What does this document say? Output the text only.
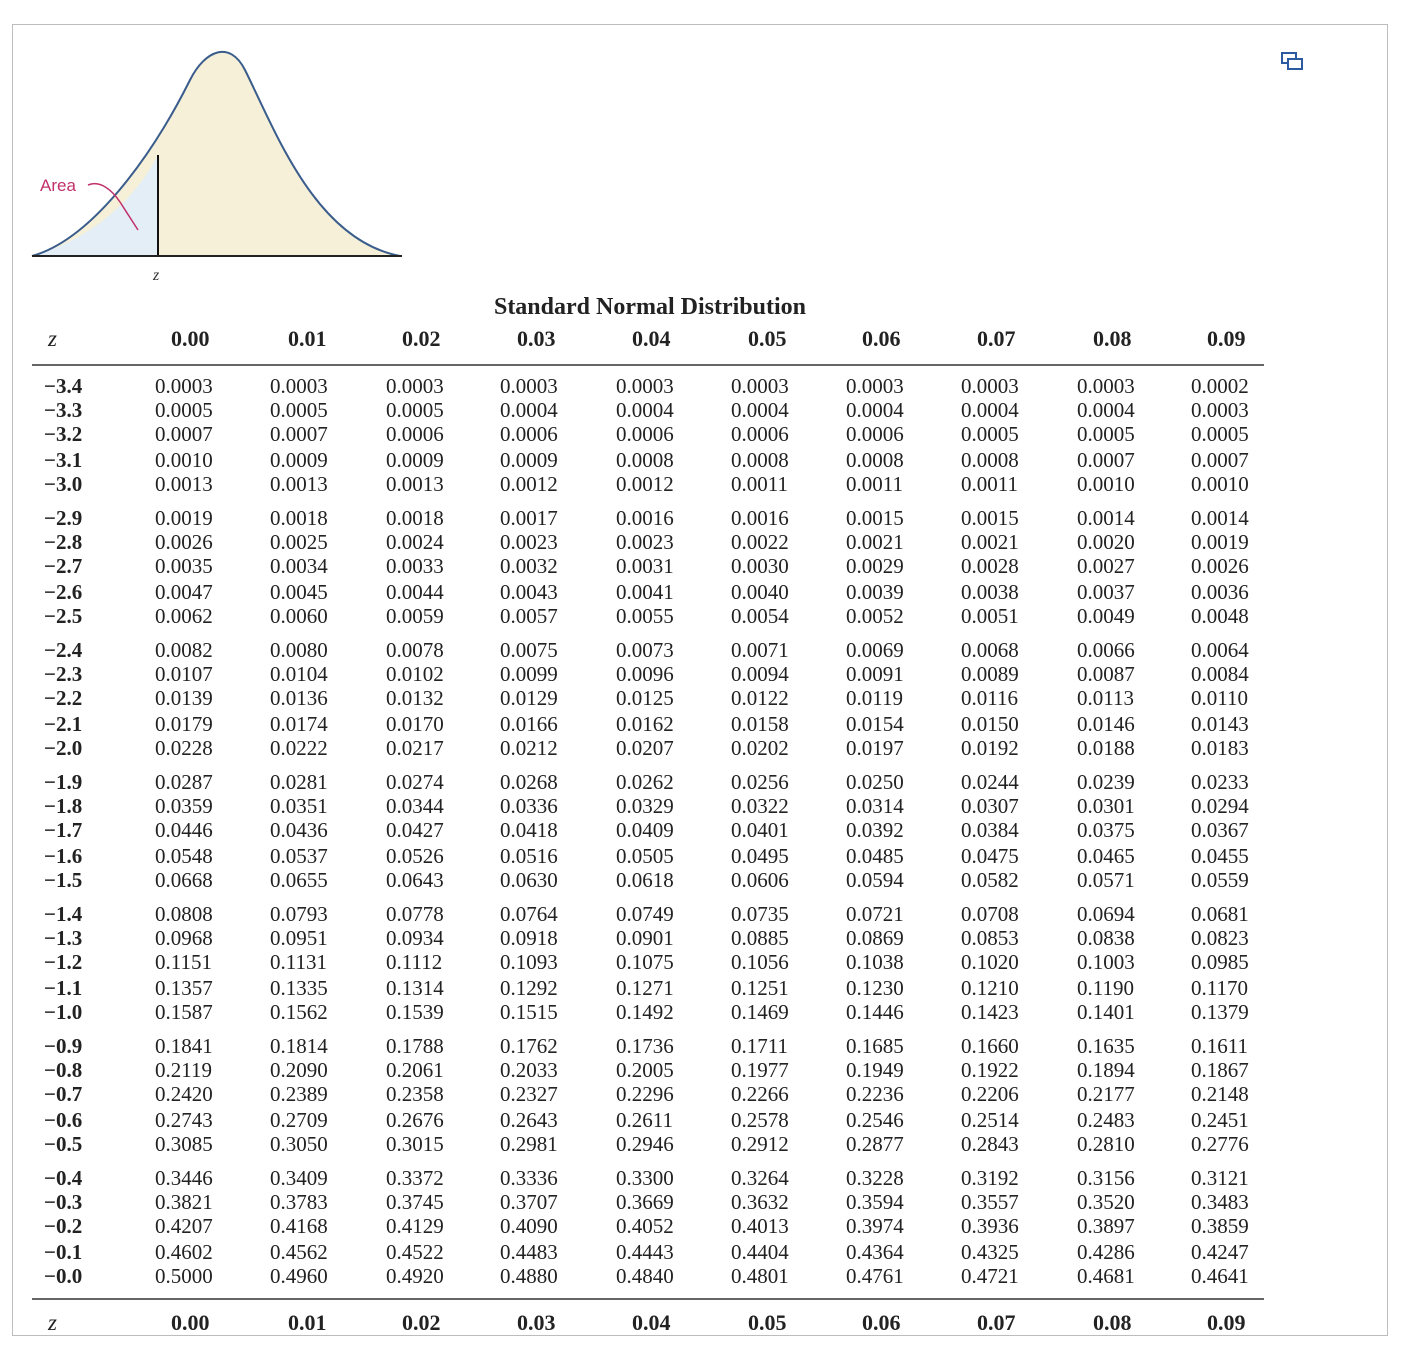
Area
z
Standard Normal Distribution
z	0.00	0.01	0.02	0.03	0.04	0.05	0.06	0.07	0.08	0.09
−3.4	0.0003	0.0003	0.0003	0.0003	0.0003	0.0003	0.0003	0.0003	0.0003	0.0002
−3.3	0.0005	0.0005	0.0005	0.0004	0.0004	0.0004	0.0004	0.0004	0.0004	0.0003
−3.2	0.0007	0.0007	0.0006	0.0006	0.0006	0.0006	0.0006	0.0005	0.0005	0.0005
−3.1	0.0010	0.0009	0.0009	0.0009	0.0008	0.0008	0.0008	0.0008	0.0007	0.0007
−3.0	0.0013	0.0013	0.0013	0.0012	0.0012	0.0011	0.0011	0.0011	0.0010	0.0010
−2.9	0.0019	0.0018	0.0018	0.0017	0.0016	0.0016	0.0015	0.0015	0.0014	0.0014
−2.8	0.0026	0.0025	0.0024	0.0023	0.0023	0.0022	0.0021	0.0021	0.0020	0.0019
−2.7	0.0035	0.0034	0.0033	0.0032	0.0031	0.0030	0.0029	0.0028	0.0027	0.0026
−2.6	0.0047	0.0045	0.0044	0.0043	0.0041	0.0040	0.0039	0.0038	0.0037	0.0036
−2.5	0.0062	0.0060	0.0059	0.0057	0.0055	0.0054	0.0052	0.0051	0.0049	0.0048
−2.4	0.0082	0.0080	0.0078	0.0075	0.0073	0.0071	0.0069	0.0068	0.0066	0.0064
−2.3	0.0107	0.0104	0.0102	0.0099	0.0096	0.0094	0.0091	0.0089	0.0087	0.0084
−2.2	0.0139	0.0136	0.0132	0.0129	0.0125	0.0122	0.0119	0.0116	0.0113	0.0110
−2.1	0.0179	0.0174	0.0170	0.0166	0.0162	0.0158	0.0154	0.0150	0.0146	0.0143
−2.0	0.0228	0.0222	0.0217	0.0212	0.0207	0.0202	0.0197	0.0192	0.0188	0.0183
−1.9	0.0287	0.0281	0.0274	0.0268	0.0262	0.0256	0.0250	0.0244	0.0239	0.0233
−1.8	0.0359	0.0351	0.0344	0.0336	0.0329	0.0322	0.0314	0.0307	0.0301	0.0294
−1.7	0.0446	0.0436	0.0427	0.0418	0.0409	0.0401	0.0392	0.0384	0.0375	0.0367
−1.6	0.0548	0.0537	0.0526	0.0516	0.0505	0.0495	0.0485	0.0475	0.0465	0.0455
−1.5	0.0668	0.0655	0.0643	0.0630	0.0618	0.0606	0.0594	0.0582	0.0571	0.0559
−1.4	0.0808	0.0793	0.0778	0.0764	0.0749	0.0735	0.0721	0.0708	0.0694	0.0681
−1.3	0.0968	0.0951	0.0934	0.0918	0.0901	0.0885	0.0869	0.0853	0.0838	0.0823
−1.2	0.1151	0.1131	0.1112	0.1093	0.1075	0.1056	0.1038	0.1020	0.1003	0.0985
−1.1	0.1357	0.1335	0.1314	0.1292	0.1271	0.1251	0.1230	0.1210	0.1190	0.1170
−1.0	0.1587	0.1562	0.1539	0.1515	0.1492	0.1469	0.1446	0.1423	0.1401	0.1379
−0.9	0.1841	0.1814	0.1788	0.1762	0.1736	0.1711	0.1685	0.1660	0.1635	0.1611
−0.8	0.2119	0.2090	0.2061	0.2033	0.2005	0.1977	0.1949	0.1922	0.1894	0.1867
−0.7	0.2420	0.2389	0.2358	0.2327	0.2296	0.2266	0.2236	0.2206	0.2177	0.2148
−0.6	0.2743	0.2709	0.2676	0.2643	0.2611	0.2578	0.2546	0.2514	0.2483	0.2451
−0.5	0.3085	0.3050	0.3015	0.2981	0.2946	0.2912	0.2877	0.2843	0.2810	0.2776
−0.4	0.3446	0.3409	0.3372	0.3336	0.3300	0.3264	0.3228	0.3192	0.3156	0.3121
−0.3	0.3821	0.3783	0.3745	0.3707	0.3669	0.3632	0.3594	0.3557	0.3520	0.3483
−0.2	0.4207	0.4168	0.4129	0.4090	0.4052	0.4013	0.3974	0.3936	0.3897	0.3859
−0.1	0.4602	0.4562	0.4522	0.4483	0.4443	0.4404	0.4364	0.4325	0.4286	0.4247
−0.0	0.5000	0.4960	0.4920	0.4880	0.4840	0.4801	0.4761	0.4721	0.4681	0.4641
z	0.00	0.01	0.02	0.03	0.04	0.05	0.06	0.07	0.08	0.09
